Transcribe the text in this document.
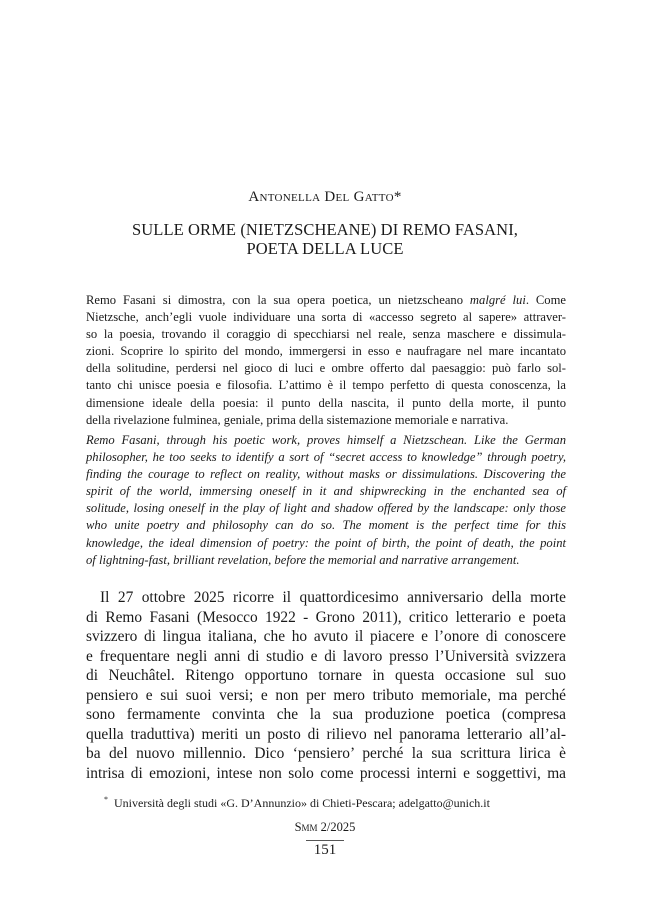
Antonella Del Gatto*
SULLE ORME (NIETZSCHEANE) DI REMO FASANI,
POETA DELLA LUCE
Remo Fasani si dimostra, con la sua opera poetica, un nietzscheano malgré lui. Come
Nietzsche, anch’egli vuole individuare una sorta di «accesso segreto al sapere» attraver-
so la poesia, trovando il coraggio di specchiarsi nel reale, senza maschere e dissimula-
zioni. Scoprire lo spirito del mondo, immergersi in esso e naufragare nel mare incantato
della solitudine, perdersi nel gioco di luci e ombre offerto dal paesaggio: può farlo sol-
tanto chi unisce poesia e filosofia. L’attimo è il tempo perfetto di questa conoscenza, la
dimensione ideale della poesia: il punto della nascita, il punto della morte, il punto
della rivelazione fulminea, geniale, prima della sistemazione memoriale e narrativa.
Remo Fasani, through his poetic work, proves himself a Nietzschean. Like the German
philosopher, he too seeks to identify a sort of “secret access to knowledge” through poetry,
finding the courage to reflect on reality, without masks or dissimulations. Discovering the
spirit of the world, immersing oneself in it and shipwrecking in the enchanted sea of
solitude, losing oneself in the play of light and shadow offered by the landscape: only those
who unite poetry and philosophy can do so. The moment is the perfect time for this
knowledge, the ideal dimension of poetry: the point of birth, the point of death, the point
of lightning-fast, brilliant revelation, before the memorial and narrative arrangement.
Il 27 ottobre 2025 ricorre il quattordicesimo anniversario della morte
di Remo Fasani (Mesocco 1922 - Grono 2011), critico letterario e poeta
svizzero di lingua italiana, che ho avuto il piacere e l’onore di conoscere
e frequentare negli anni di studio e di lavoro presso l’Università svizzera
di Neuchâtel. Ritengo opportuno tornare in questa occasione sul suo
pensiero e sui suoi versi; e non per mero tributo memoriale, ma perché
sono fermamente convinta che la sua produzione poetica (compresa
quella traduttiva) meriti un posto di rilievo nel panorama letterario all’al-
ba del nuovo millennio. Dico ‘pensiero’ perché la sua scrittura lirica è
intrisa di emozioni, intese non solo come processi interni e soggettivi, ma
* Università degli studi «G. D’Annunzio» di Chieti-Pescara; adelgatto@unich.it
Smm 2/2025
151
